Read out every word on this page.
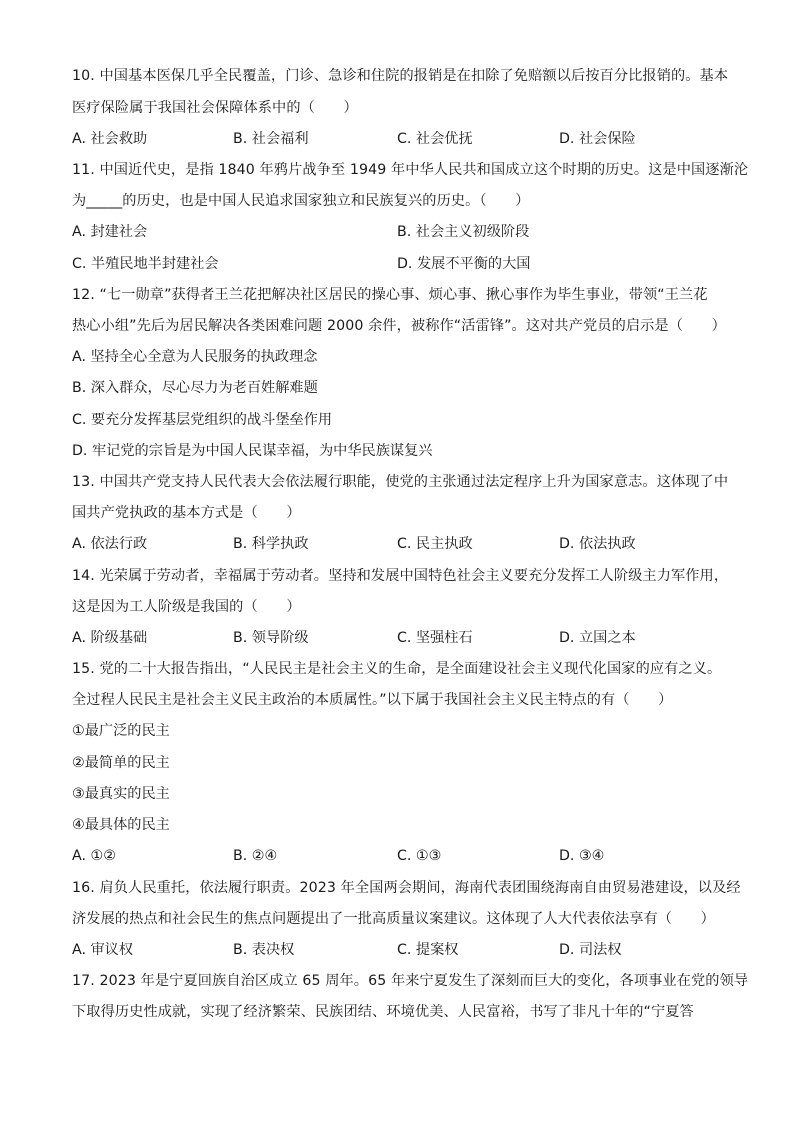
10. 中国基本医保几乎全民覆盖，门诊、急诊和住院的报销是在扣除了免赔额以后按百分比报销的。基本
医疗保险属于我国社会保障体系中的（　　）
A. 社会救助	B. 社会福利	C. 社会优抚	D. 社会保险
11. 中国近代史，是指 1840 年鸦片战争至 1949 年中华人民共和国成立这个时期的历史。这是中国逐渐沦
为_____的历史，也是中国人民追求国家独立和民族复兴的历史。（　　）
A. 封建社会	B. 社会主义初级阶段
C. 半殖民地半封建社会	D. 发展不平衡的大国
12. “七一勋章”获得者王兰花把解决社区居民的操心事、烦心事、揪心事作为毕生事业，带领“王兰花
热心小组”先后为居民解决各类困难问题 2000 余件，被称作“活雷锋”。这对共产党员的启示是（　　）
A. 坚持全心全意为人民服务的执政理念
B. 深入群众，尽心尽力为老百姓解难题
C. 要充分发挥基层党组织的战斗堡垒作用
D. 牢记党的宗旨是为中国人民谋幸福，为中华民族谋复兴
13. 中国共产党支持人民代表大会依法履行职能，使党的主张通过法定程序上升为国家意志。这体现了中
国共产党执政的基本方式是（　　）
A. 依法行政	B. 科学执政	C. 民主执政	D. 依法执政
14. 光荣属于劳动者，幸福属于劳动者。坚持和发展中国特色社会主义要充分发挥工人阶级主力军作用，
这是因为工人阶级是我国的（　　）
A. 阶级基础	B. 领导阶级	C. 坚强柱石	D. 立国之本
15. 党的二十大报告指出，“人民民主是社会主义的生命，是全面建设社会主义现代化国家的应有之义。
全过程人民民主是社会主义民主政治的本质属性。”以下属于我国社会主义民主特点的有（　　）
①最广泛的民主
②最简单的民主
③最真实的民主
④最具体的民主
A. ①②	B. ②④	C. ①③	D. ③④
16. 肩负人民重托，依法履行职责。2023 年全国两会期间，海南代表团围绕海南自由贸易港建设，以及经
济发展的热点和社会民生的焦点问题提出了一批高质量议案建议。这体现了人大代表依法享有（　　）
A. 审议权	B. 表决权	C. 提案权	D. 司法权
17. 2023 年是宁夏回族自治区成立 65 周年。65 年来宁夏发生了深刻而巨大的变化，各项事业在党的领导
下取得历史性成就，实现了经济繁荣、民族团结、环境优美、人民富裕，书写了非凡十年的“宁夏答
